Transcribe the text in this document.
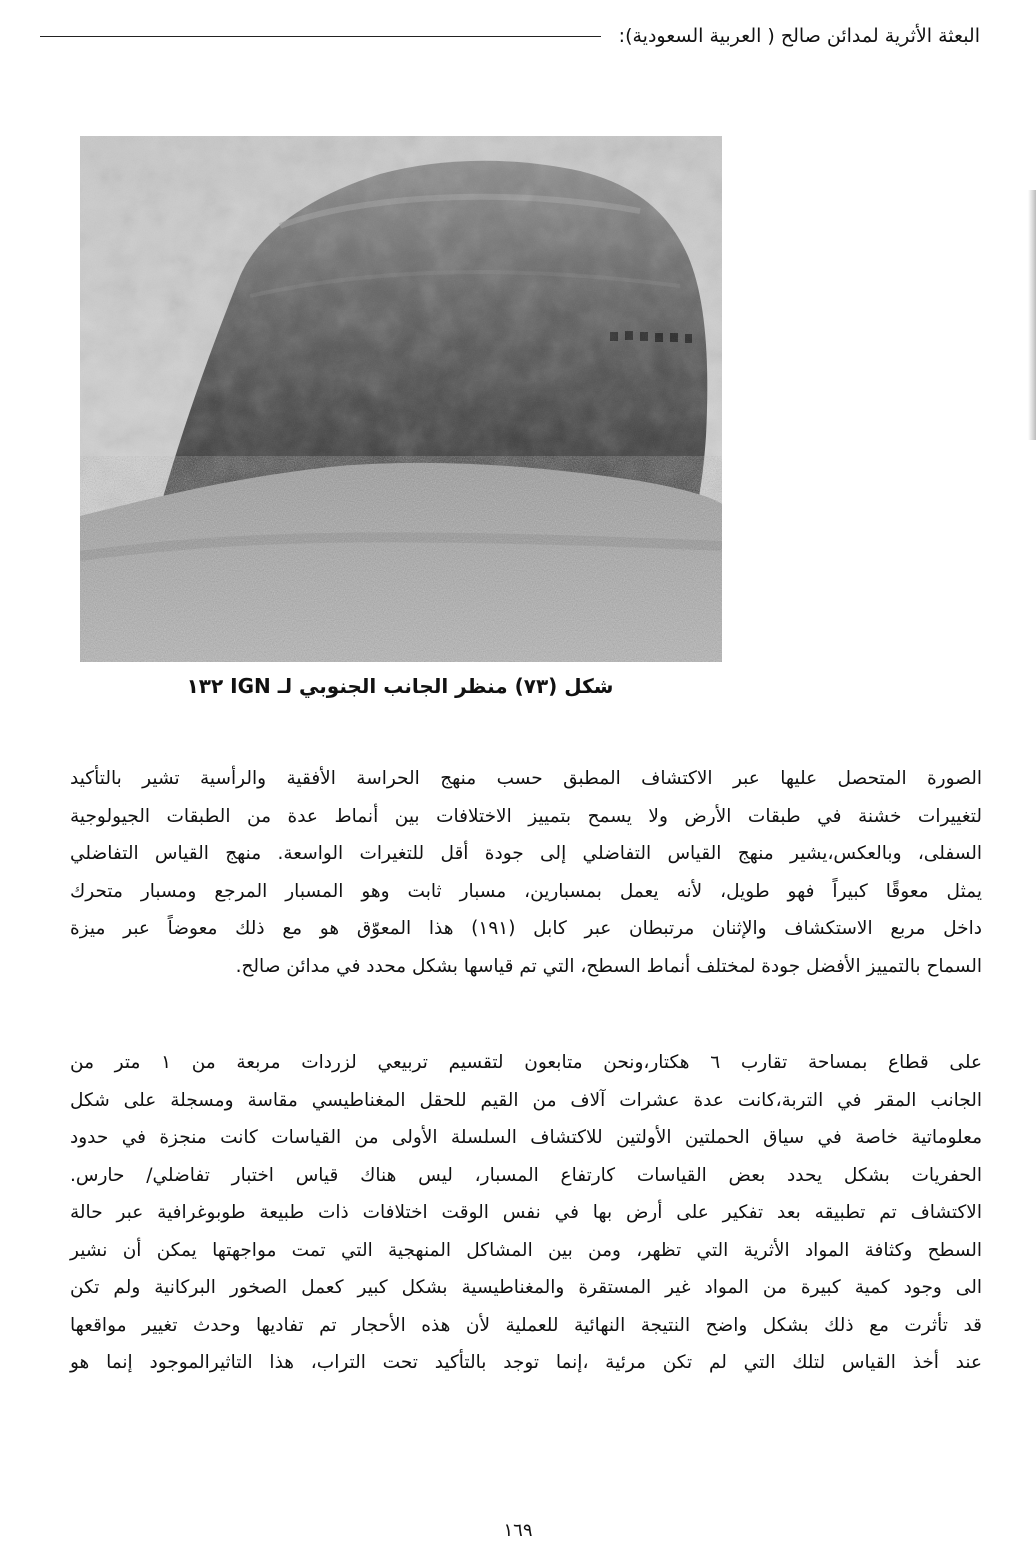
البعثة الأثرية لمدائن صالح ( العربية السعودية):
شكل (٧٣) منظر الجانب الجنوبي لـ IGN ١٣٢
الصورة المتحصل عليها عبر الاكتشاف المطبق حسب منهج الحراسة الأفقية والرأسية تشير بالتأكيد
لتغييرات خشنة في طبقات الأرض ولا يسمح بتمييز الاختلافات بين أنماط عدة من الطبقات الجيولوجية
السفلى، وبالعكس،يشير منهج القياس التفاضلي إلى جودة أقل للتغيرات الواسعة. منهج القياس التفاضلي
يمثل معوقًا كبيراً فهو طويل، لأنه يعمل بمسبارين، مسبار ثابت وهو المسبار المرجع ومسبار متحرك
داخل مربع الاستكشاف والإثنان مرتبطان عبر كابل (١٩١) هذا المعوّق هو مع ذلك معوضاً عبر ميزة
السماح بالتمييز الأفضل جودة لمختلف أنماط السطح، التي تم قياسها بشكل محدد في مدائن صالح.
على قطاع بمساحة تقارب ٦ هكتار،ونحن متابعون لتقسيم تربيعي لزردات مربعة من ١ متر من
الجانب المقر في التربة،كانت عدة عشرات آلاف من القيم للحقل المغناطيسي مقاسة ومسجلة على شكل
معلوماتية خاصة في سياق الحملتين الأولتين للاكتشاف السلسلة الأولى من القياسات كانت منجزة في حدود
الحفريات بشكل يحدد بعض القياسات كارتفاع المسبار، ليس هناك قياس اختبار تفاضلي/ حارس.
الاكتشاف تم تطبيقه بعد تفكير على أرض بها في نفس الوقت اختلافات ذات طبيعة طوبوغرافية عبر حالة
السطح وكثافة المواد الأثرية التي تظهر، ومن بين المشاكل المنهجية التي تمت مواجهتها يمكن أن نشير
الى وجود كمية كبيرة من المواد غير المستقرة والمغناطيسية بشكل كبير كعمل الصخور البركانية ولم تكن
قد تأثرت مع ذلك بشكل واضح النتيجة النهائية للعملية لأن هذه الأحجار تم تفاديها وحدث تغيير مواقعها
عند أخذ القياس لتلك التي لم تكن مرئية ،إنما توجد بالتأكيد تحت التراب، هذا التاثيرالموجود إنما هو
١٦٩
